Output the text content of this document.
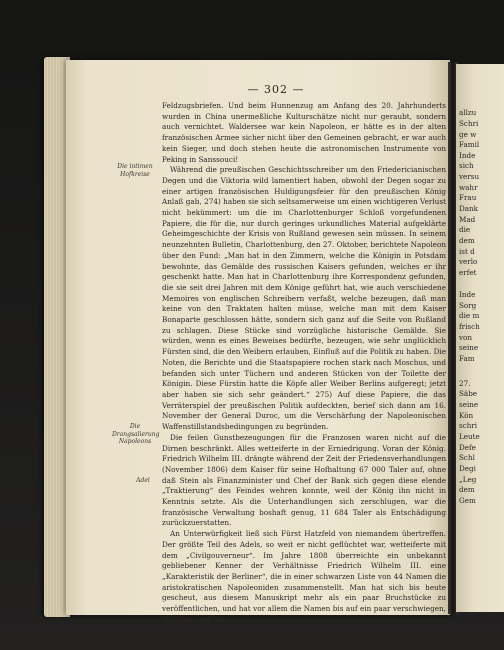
allzu
Schri
ge w
Famil
Inde
sich
versu
wahr
Frau
Dank
Mad
die
dem
ist d
verlo
erfet
Inde
Sorg
die m
frisch
von
seine
Fam
27.
Säbe
seine
Kön
schri
Leute
Defe
Schl
Degi
„Leg
dem
Gem
— 302 —
Die intimen Hofkreise
Die Drangsalierung Napoleons
Adel

Feldzugsbriefen. Und beim Hunnenzug am Anfang des 20. Jahrhunderts wurden in China unermeßliche Kulturschätze nicht nur geraubt, sondern auch vernichtet. Waldersee war kein Napoleon, er hätte es in der alten französischen Armee sicher nicht über den Gemeinen gebracht, er war auch kein Sieger, und doch stehen heute die astronomischen Instrumente von Peking in Sanssouci!

Während die preußischen Geschichtsschreiber um den Friedericianischen Degen und die Viktoria wild lamentiert haben, obwohl der Degen sogar zu einer artigen französischen Huldigungsfeier für den preußischen König Anlaß gab, 274) haben sie sich seltsamerweise um einen wichtigeren Verlust nicht bekümmert: um die im Charlottenburger Schloß vorgefundenen Papiere, die für die, nur durch geringes urkundliches Material aufgeklärte Geheimgeschichte der Krisis von Rußland gewesen sein müssen. In seinem neunzehnten Bulletin, Charlottenburg, den 27. Oktober, berichtete Napoleon über den Fund: „Man hat in den Zimmern, welche die Königin in Potsdam bewohnte, das Gemälde des russischen Kaisers gefunden, welches er ihr geschenkt hatte. Man hat in Charlottenburg ihre Korrespondenz gefunden, die sie seit drei Jahren mit dem Könige geführt hat, wie auch verschiedene Memoires von englischen Schreibern verfaßt, welche bezeugen, daß man keine von den Traktaten halten müsse, welche man mit dem Kaiser Bonaparte geschlossen hätte, sondern sich ganz auf die Seite von Rußland zu schlagen. Diese Stücke sind vorzügliche historische Gemälde. Sie würden, wenn es eines Beweises bedürfte, bezeugen, wie sehr unglücklich Fürsten sind, die den Weibern erlauben, Einfluß auf die Politik zu haben. Die Noten, die Berichte und die Staatspapiere rochen stark nach Moschus, und befanden sich unter Tüchern und anderen Stücken von der Toilette der Königin. Diese Fürstin hatte die Köpfe aller Weiber Berlins aufgeregt; jetzt aber haben sie sich sehr geändert.“ 275) Auf diese Papiere, die das Verräterspiel der preußischen Politik aufdeckten, berief sich dann am 16. November der General Duroc, um die Verschärfung der Napoleonischen Waffenstillstandsbedingungen zu begründen.

Die feilen Gunstbezeugungen für die Franzosen waren nicht auf die Dirnen beschränkt. Alles wetteiferte in der Erniedrigung. Voran der König. Friedrich Wilhelm III. drängte während der Zeit der Friedensverhandlungen (November 1806) dem Kaiser für seine Hofhaltung 67 000 Taler auf, ohne daß Stein als Finanzminister und Chef der Bank sich gegen diese elende „Traktierung“ des Feindes wehren konnte, weil der König ihn nicht in Kenntnis setzte. Als die Unterhandlungen sich zerschlugen, war die französische Verwaltung boshaft genug, 11 684 Taler als Entschädigung zurückzuerstatten.

An Unterwürfigkeit ließ sich Fürst Hatzfeld von niemandem übertreffen. Der größte Teil des Adels, so weit er nicht geflüchtet war, wetteiferte mit dem „Civilgouverneur“. Im Jahre 1808 überreichte ein unbekannt gebliebener Kenner der Verhältnisse Friedrich Wilhelm III. eine „Karakteristik der Berliner“, die in einer schwarzen Liste von 44 Namen die aristokratischen Napoleoniden zusammenstellt. Man hat sich bis heute gescheut, aus diesem Manuskript mehr als ein paar Bruchstücke zu veröffentlichen, und hat vor allem die Namen bis auf ein paar verschwiegen, offenbar, weil sie
